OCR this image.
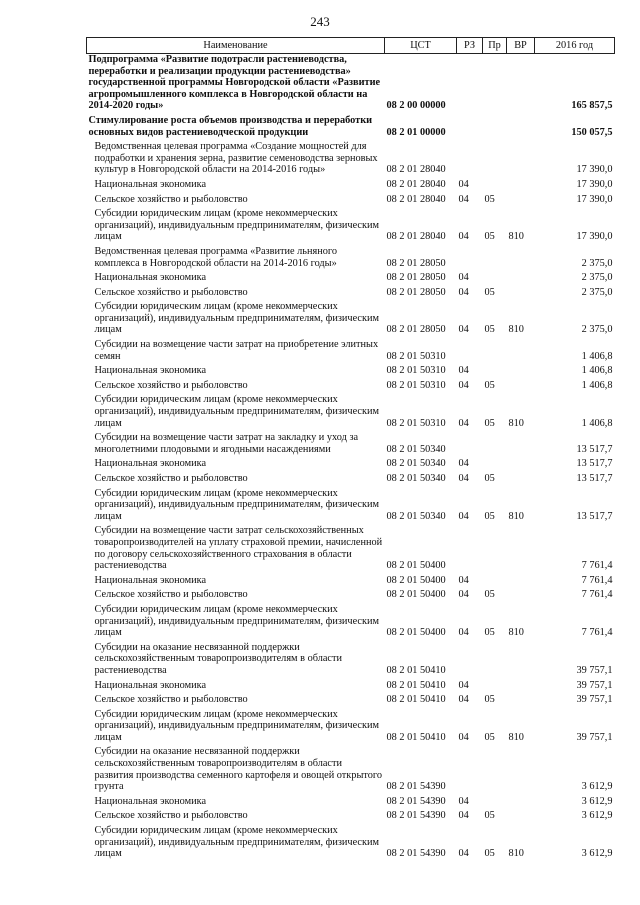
243
Наименование	ЦСТ	РЗ	Пр	ВР	2016 год
Подпрограмма «Развитие подотрасли растениеводства, переработки и реализации продукции растениеводства» государственной программы Новгородской области «Развитие агропромышленного комплекса в Новгородской области на 2014-2020 годы»	08 2 00 00000				165 857,5
Стимулирование роста объемов производства и переработки основных видов растениеводческой продукции	08 2 01 00000				150 057,5
Ведомственная целевая программа «Создание мощностей для подработки и хранения зерна, развитие семеноводства зерновых культур в Новгородской области на 2014-2016 годы»	08 2 01 28040				17 390,0
Национальная экономика	08 2 01 28040	04			17 390,0
Сельское хозяйство и рыболовство	08 2 01 28040	04	05		17 390,0
Субсидии юридическим лицам (кроме некоммерческих организаций), индивидуальным предпринимателям, физическим лицам	08 2 01 28040	04	05	810	17 390,0
Ведомственная целевая программа «Развитие льняного комплекса в Новгородской области на 2014-2016 годы»	08 2 01 28050				2 375,0
Национальная экономика	08 2 01 28050	04			2 375,0
Сельское хозяйство и рыболовство	08 2 01 28050	04	05		2 375,0
Субсидии юридическим лицам (кроме некоммерческих организаций), индивидуальным предпринимателям, физическим лицам	08 2 01 28050	04	05	810	2 375,0
Субсидии на возмещение части затрат на приобретение элитных семян	08 2 01 50310				1 406,8
Национальная экономика	08 2 01 50310	04			1 406,8
Сельское хозяйство и рыболовство	08 2 01 50310	04	05		1 406,8
Субсидии юридическим лицам (кроме некоммерческих организаций), индивидуальным предпринимателям, физическим лицам	08 2 01 50310	04	05	810	1 406,8
Субсидии на возмещение части затрат на закладку и уход за многолетними плодовыми и ягодными насаждениями	08 2 01 50340				13 517,7
Национальная экономика	08 2 01 50340	04			13 517,7
Сельское хозяйство и рыболовство	08 2 01 50340	04	05		13 517,7
Субсидии юридическим лицам (кроме некоммерческих организаций), индивидуальным предпринимателям, физическим лицам	08 2 01 50340	04	05	810	13 517,7
Субсидии на возмещение части затрат сельскохозяйственных товаропроизводителей на уплату страховой премии, начисленной по договору сельскохозяйственного страхования в области растениеводства	08 2 01 50400				7 761,4
Национальная экономика	08 2 01 50400	04			7 761,4
Сельское хозяйство и рыболовство	08 2 01 50400	04	05		7 761,4
Субсидии юридическим лицам (кроме некоммерческих организаций), индивидуальным предпринимателям, физическим лицам	08 2 01 50400	04	05	810	7 761,4
Субсидии на оказание несвязанной поддержки сельскохозяйственным товаропроизводителям в области растениеводства	08 2 01 50410				39 757,1
Национальная экономика	08 2 01 50410	04			39 757,1
Сельское хозяйство и рыболовство	08 2 01 50410	04	05		39 757,1
Субсидии юридическим лицам (кроме некоммерческих организаций), индивидуальным предпринимателям, физическим лицам	08 2 01 50410	04	05	810	39 757,1
Субсидии на оказание несвязанной поддержки сельскохозяйственным товаропроизводителям в области развития производства семенного картофеля и овощей открытого грунта	08 2 01 54390				3 612,9
Национальная экономика	08 2 01 54390	04			3 612,9
Сельское хозяйство и рыболовство	08 2 01 54390	04	05		3 612,9
Субсидии юридическим лицам (кроме некоммерческих организаций), индивидуальным предпринимателям, физическим лицам	08 2 01 54390	04	05	810	3 612,9
